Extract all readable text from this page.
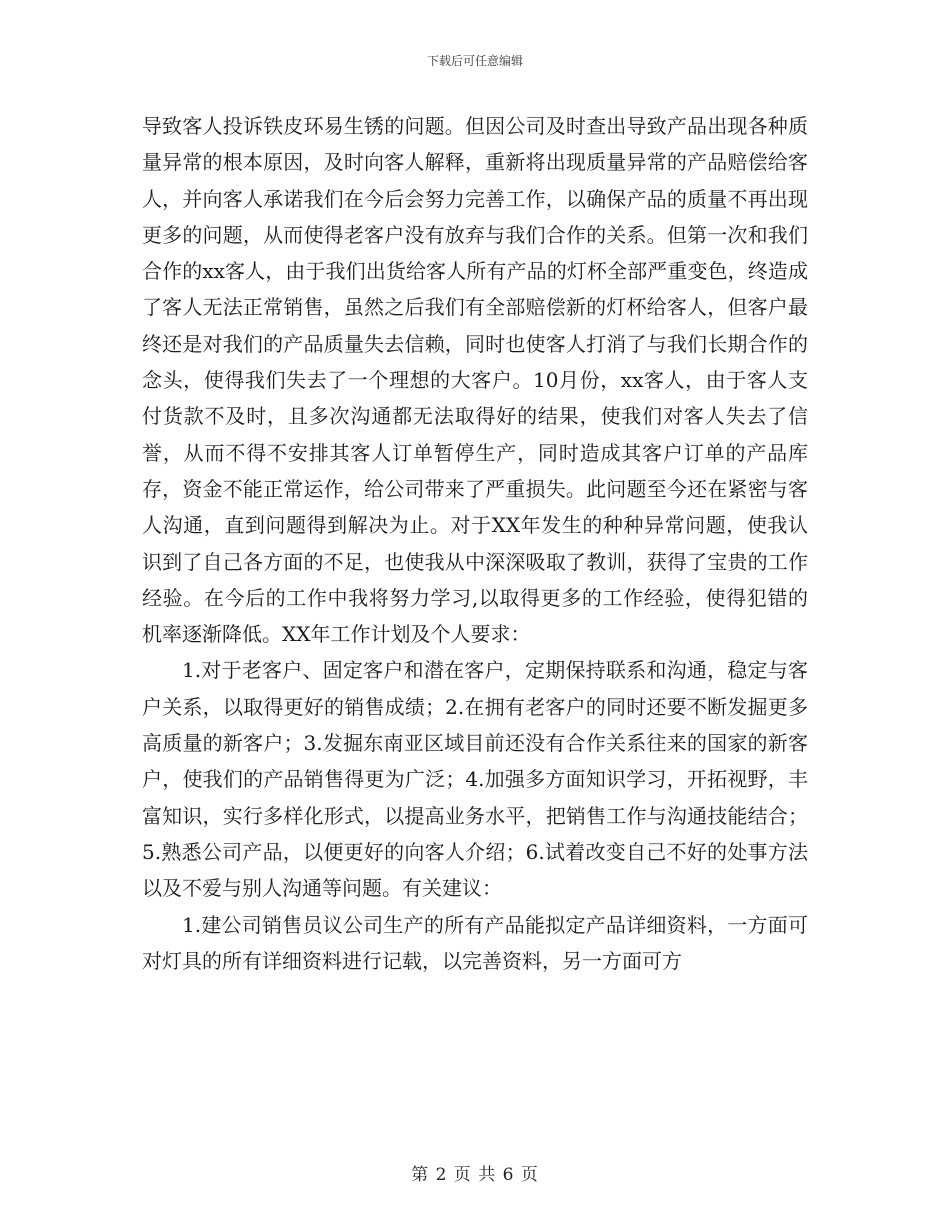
下载后可任意编辑

导致客人投诉铁皮环易生锈的问题。但因公司及时查出导致产品出现各种质量异常的根本原因，及时向客人解释，重新将出现质量异常的产品赔偿给客人，并向客人承诺我们在今后会努力完善工作，以确保产品的质量不再出现更多的问题，从而使得老客户没有放弃与我们合作的关系。但第一次和我们合作的xx客人，由于我们出货给客人所有产品的灯杯全部严重变色，终造成了客人无法正常销售，虽然之后我们有全部赔偿新的灯杯给客人，但客户最终还是对我们的产品质量失去信赖，同时也使客人打消了与我们长期合作的念头，使得我们失去了一个理想的大客户。10月份，xx客人，由于客人支付货款不及时，且多次沟通都无法取得好的结果，使我们对客人失去了信誉，从而不得不安排其客人订单暂停生产，同时造成其客户订单的产品库存，资金不能正常运作，给公司带来了严重损失。此问题至今还在紧密与客人沟通，直到问题得到解决为止。对于XX年发生的种种异常问题，使我认识到了自己各方面的不足，也使我从中深深吸取了教训，获得了宝贵的工作经验。在今后的工作中我将努力学习,以取得更多的工作经验，使得犯错的机率逐渐降低。XX年工作计划及个人要求：

1.对于老客户、固定客户和潜在客户，定期保持联系和沟通，稳定与客户关系，以取得更好的销售成绩；2.在拥有老客户的同时还要不断发掘更多高质量的新客户；3.发掘东南亚区域目前还没有合作关系往来的国家的新客户，使我们的产品销售得更为广泛；4.加强多方面知识学习，开拓视野，丰富知识，实行多样化形式，以提高业务水平，把销售工作与沟通技能结合；5.熟悉公司产品，以便更好的向客人介绍；6.试着改变自己不好的处事方法以及不爱与别人沟通等问题。有关建议：

1.建公司销售员议公司生产的所有产品能拟定产品详细资料，一方面可对灯具的所有详细资料进行记载，以完善资料，另一方面可方

第 2 页 共 6 页
